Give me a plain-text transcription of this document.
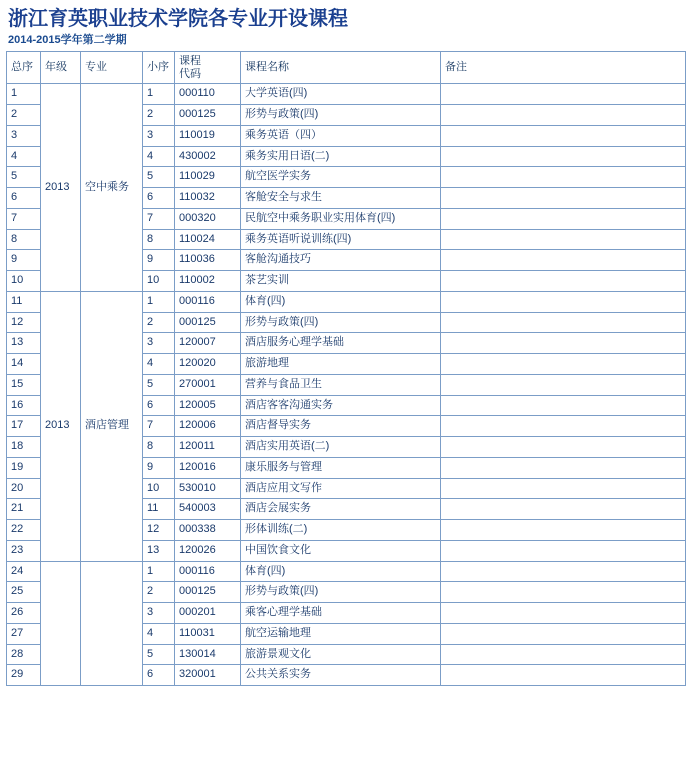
浙江育英职业技术学院各专业开设课程
2014-2015学年第二学期
总序	年级	专业	小序	课程
代码	课程名称	备注
1	2013	空中乘务	1	000110	大学英语(四)	
2			2	000125	形势与政策(四)	
3			3	110019	乘务英语（四）	
4			4	430002	乘务实用日语(二)	
5			5	110029	航空医学实务	
6			6	110032	客舱安全与求生	
7			7	000320	民航空中乘务职业实用体育(四)	
8			8	110024	乘务英语听说训练(四)	
9			9	110036	客舱沟通技巧	
10			10	110002	茶艺实训	
11	2013	酒店管理	1	000116	体育(四)	
12			2	000125	形势与政策(四)	
13			3	120007	酒店服务心理学基础	
14			4	120020	旅游地理	
15			5	270001	营养与食品卫生	
16			6	120005	酒店客客沟通实务	
17			7	120006	酒店督导实务	
18			8	120011	酒店实用英语(二)	
19			9	120016	康乐服务与管理	
20			10	530010	酒店应用文写作	
21			11	540003	酒店会展实务	
22			12	000338	形体训练(二)	
23			13	120026	中国饮食文化	
24			1	000116	体育(四)	
25			2	000125	形势与政策(四)	
26			3	000201	乘客心理学基础	
27			4	110031	航空运输地理	
28			5	130014	旅游景观文化	
29			6	320001	公共关系实务	
